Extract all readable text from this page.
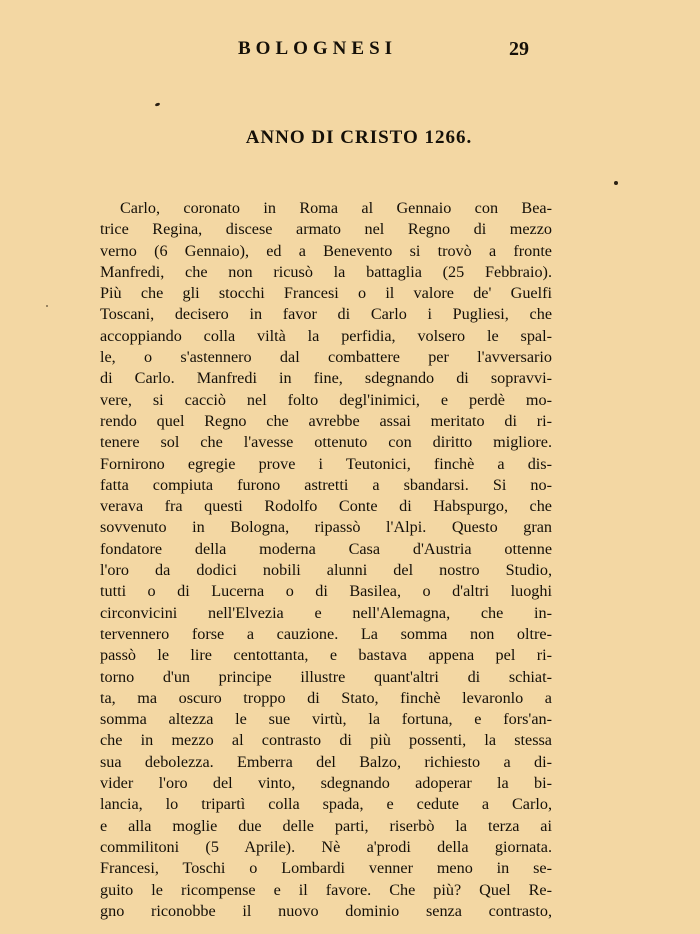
BOLOGNESI	29
ANNO DI CRISTO 1266.
Carlo, coronato in Roma al Gennaio con Bea-
trice Regina, discese armato nel Regno di mezzo
verno (6 Gennaio), ed a Benevento si trovò a fronte
Manfredi, che non ricusò la battaglia (25 Febbraio).
Più che gli stocchi Francesi o il valore de' Guelfi
Toscani, decisero in favor di Carlo i Pugliesi, che
accoppiando colla viltà la perfidia, volsero le spal-
le, o s'astennero dal combattere per l'avversario
di Carlo. Manfredi in fine, sdegnando di sopravvi-
vere, si cacciò nel folto degl'inimici, e perdè mo-
rendo quel Regno che avrebbe assai meritato di ri-
tenere sol che l'avesse ottenuto con diritto migliore.
Fornirono egregie prove i Teutonici, finchè a dis-
fatta compiuta furono astretti a sbandarsi. Si no-
verava fra questi Rodolfo Conte di Habspurgo, che
sovvenuto in Bologna, ripassò l'Alpi. Questo gran
fondatore della moderna Casa d'Austria ottenne
l'oro da dodici nobili alunni del nostro Studio,
tutti o di Lucerna o di Basilea, o d'altri luoghi
circonvicini nell'Elvezia e nell'Alemagna, che in-
tervennero forse a cauzione. La somma non oltre-
passò le lire centottanta, e bastava appena pel ri-
torno d'un principe illustre quant'altri di schiat-
ta, ma oscuro troppo di Stato, finchè levaronlo a
somma altezza le sue virtù, la fortuna, e fors'an-
che in mezzo al contrasto di più possenti, la stessa
sua debolezza. Emberra del Balzo, richiesto a di-
vider l'oro del vinto, sdegnando adoperar la bi-
lancia, lo tripartì colla spada, e cedute a Carlo,
e alla moglie due delle parti, riserbò la terza ai
commilitoni (5 Aprile). Nè a'prodi della giornata.
Francesi, Toschi o Lombardi venner meno in se-
guito le ricompense e il favore. Che più? Quel Re-
gno riconobbe il nuovo dominio senza contrasto,
